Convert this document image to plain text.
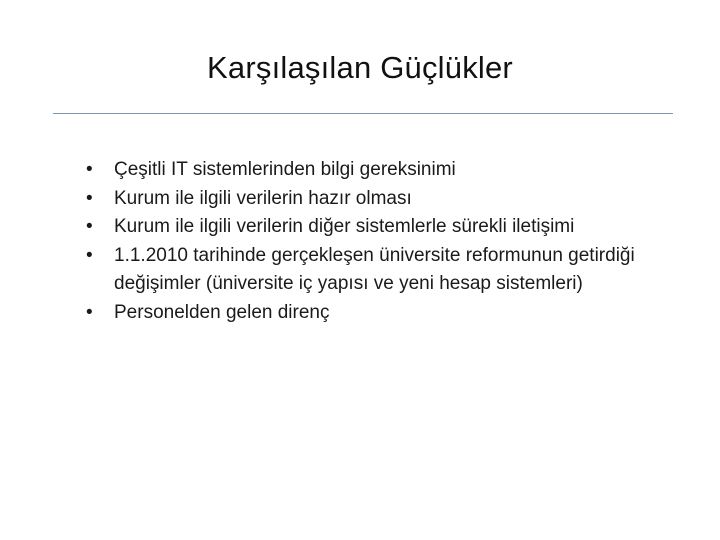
Karşılaşılan Güçlükler
•	Çeşitli IT sistemlerinden bilgi gereksinimi
•	Kurum ile ilgili verilerin hazır olması
•	Kurum ile ilgili verilerin diğer sistemlerle sürekli iletişimi
•	1.1.2010 tarihinde gerçekleşen üniversite reformunun getirdiği değişimler (üniversite iç yapısı ve yeni hesap sistemleri)
•	Personelden gelen direnç
